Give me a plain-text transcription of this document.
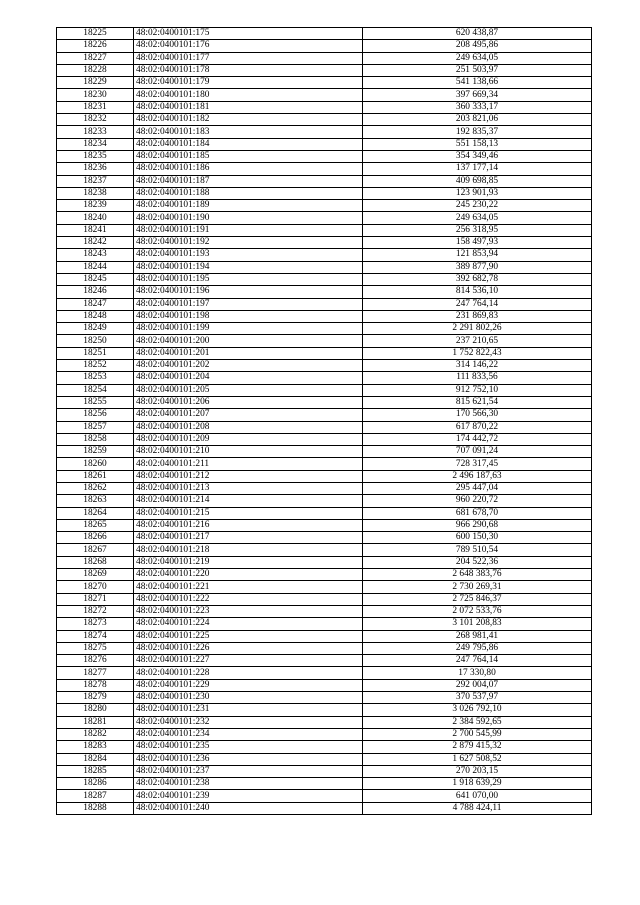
18225	48:02:0400101:175	620 438,87
18226	48:02:0400101:176	208 495,86
18227	48:02:0400101:177	249 634,05
18228	48:02:0400101:178	251 503,97
18229	48:02:0400101:179	541 138,66
18230	48:02:0400101:180	397 669,34
18231	48:02:0400101:181	360 333,17
18232	48:02:0400101:182	203 821,06
18233	48:02:0400101:183	192 835,37
18234	48:02:0400101:184	551 158,13
18235	48:02:0400101:185	354 349,46
18236	48:02:0400101:186	137 177,14
18237	48:02:0400101:187	409 698,85
18238	48:02:0400101:188	123 901,93
18239	48:02:0400101:189	245 230,22
18240	48:02:0400101:190	249 634,05
18241	48:02:0400101:191	256 318,95
18242	48:02:0400101:192	158 497,93
18243	48:02:0400101:193	121 853,94
18244	48:02:0400101:194	389 877,90
18245	48:02:0400101:195	392 682,78
18246	48:02:0400101:196	814 536,10
18247	48:02:0400101:197	247 764,14
18248	48:02:0400101:198	231 869,83
18249	48:02:0400101:199	2 291 802,26
18250	48:02:0400101:200	237 210,65
18251	48:02:0400101:201	1 752 822,43
18252	48:02:0400101:202	314 146,22
18253	48:02:0400101:204	111 833,56
18254	48:02:0400101:205	912 752,10
18255	48:02:0400101:206	815 621,54
18256	48:02:0400101:207	170 566,30
18257	48:02:0400101:208	617 870,22
18258	48:02:0400101:209	174 442,72
18259	48:02:0400101:210	707 091,24
18260	48:02:0400101:211	728 317,45
18261	48:02:0400101:212	2 496 187,63
18262	48:02:0400101:213	295 447,04
18263	48:02:0400101:214	960 220,72
18264	48:02:0400101:215	681 678,70
18265	48:02:0400101:216	966 290,68
18266	48:02:0400101:217	600 150,30
18267	48:02:0400101:218	789 510,54
18268	48:02:0400101:219	204 522,36
18269	48:02:0400101:220	2 648 383,76
18270	48:02:0400101:221	2 730 269,31
18271	48:02:0400101:222	2 725 846,37
18272	48:02:0400101:223	2 072 533,76
18273	48:02:0400101:224	3 101 208,83
18274	48:02:0400101:225	268 981,41
18275	48:02:0400101:226	249 795,86
18276	48:02:0400101:227	247 764,14
18277	48:02:0400101:228	17 330,80
18278	48:02:0400101:229	292 004,07
18279	48:02:0400101:230	370 537,97
18280	48:02:0400101:231	3 026 792,10
18281	48:02:0400101:232	2 384 592,65
18282	48:02:0400101:234	2 700 545,99
18283	48:02:0400101:235	2 879 415,32
18284	48:02:0400101:236	1 627 508,52
18285	48:02:0400101:237	270 203,15
18286	48:02:0400101:238	1 918 639,29
18287	48:02:0400101:239	641 070,00
18288	48:02:0400101:240	4 788 424,11
